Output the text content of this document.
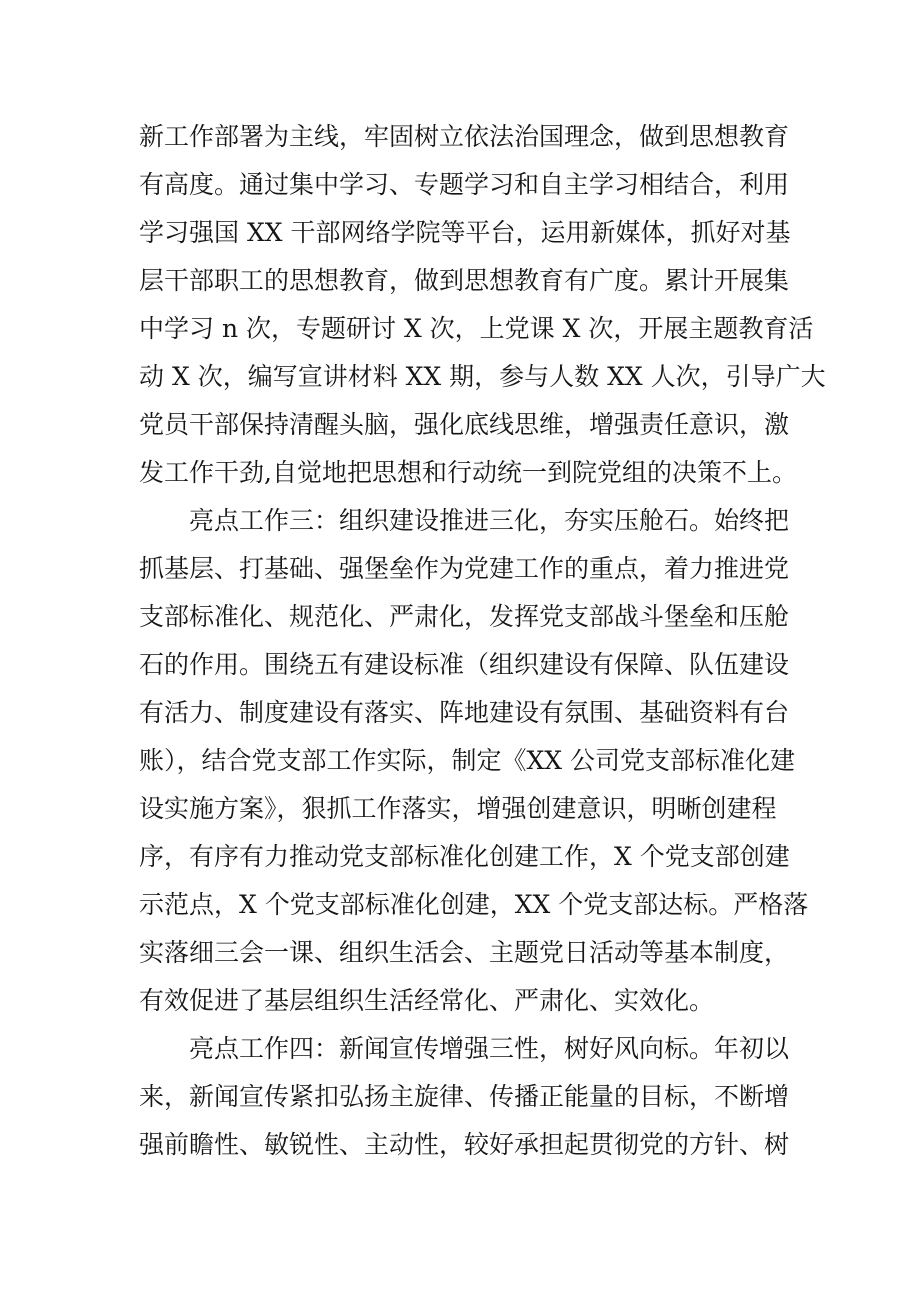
新工作部署为主线，牢固树立依法治国理念，做到思想教育

有高度。通过集中学习、专题学习和自主学习相结合，利用

学习强国 XX 干部网络学院等平台，运用新媒体，抓好对基

层干部职工的思想教育，做到思想教育有广度。累计开展集

中学习 n 次，专题研讨 X 次，上党课 X 次，开展主题教育活

动 X 次，编写宣讲材料 XX 期，参与人数 XX 人次，引导广大

党员干部保持清醒头脑，强化底线思维，增强责任意识，激

发工作干劲,自觉地把思想和行动统一到院党组的决策不上。

亮点工作三：组织建设推进三化，夯实压舱石。始终把

抓基层、打基础、强堡垒作为党建工作的重点，着力推进党

支部标准化、规范化、严肃化，发挥党支部战斗堡垒和压舱

石的作用。围绕五有建设标准（组织建设有保障、队伍建设

有活力、制度建设有落实、阵地建设有氛围、基础资料有台

账），结合党支部工作实际，制定《XX 公司党支部标准化建

设实施方案》，狠抓工作落实，增强创建意识，明晰创建程

序，有序有力推动党支部标准化创建工作，X 个党支部创建

示范点，X 个党支部标准化创建，XX 个党支部达标。严格落

实落细三会一课、组织生活会、主题党日活动等基本制度，

有效促进了基层组织生活经常化、严肃化、实效化。

亮点工作四：新闻宣传增强三性，树好风向标。年初以

来，新闻宣传紧扣弘扬主旋律、传播正能量的目标，不断增

强前瞻性、敏锐性、主动性，较好承担起贯彻党的方针、树
